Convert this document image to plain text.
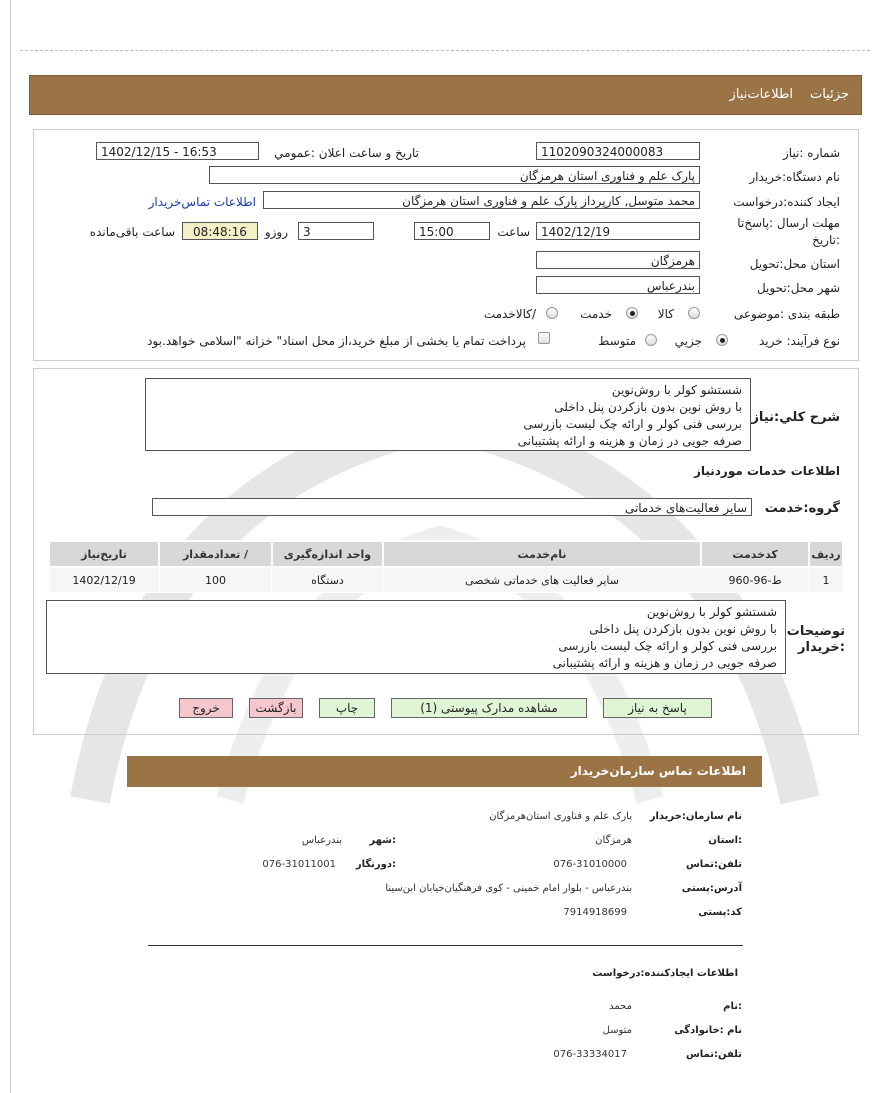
جزئیات
اطلاعات‌نیاز
شماره :نیاز
1102090324000083
تاریخ و ساعت اعلان :عمومي
1402/12/15 - 16:53
نام دستگاه:خريدار
پارک علم و فناوری استان هرمزگان
ایجاد کننده:درخواست
محمد متوسل, کارپرداز پارک علم و فناوری استان هرمزگان
اطلاعات تماس‌خريدار
مهلت ارسال :پاسخ‌تا
:تاريخ
1402/12/19
ساعت
15:00
3
روزو
08:48:16
ساعت باقی‌مانده
استان محل:تحویل
هرمزگان
شهر محل:تحویل
بندرعباس
طبقه بندی :موضوعی
کالا
خدمت
/کالاخدمت
نوع فرآیند: خرید
جزيي
متوسط
پرداخت تمام یا بخشی از مبلغ خرید،از محل اسناد" خزانه "اسلامی خواهد.بود
شرح کلي:نياز
شستشو کولر با روش‌نوین
با روش نوین بدون بازکردن پنل داخلی
بررسی فنی کولر و ارائه چک لیست بازرسی
صرفه جویی در زمان و هزینه و ارائه پشتیبانی
اطلاعات خدمات موردنیاز
گروه:خدمت
سایر فعالیت‌های خدماتی
ردیف	کدخدمت	نام‌خدمت	واحد اندازه‌گیری	/ تعدادمقدار	تاریخ‌نیاز
1	ط-96-960	سایر فعالیت های خدماتی شخصی	دستگاه	100	1402/12/19
توضیحات
:خریدار
شستشو کولر با روش‌نوین
با روش نوین بدون بازکردن پنل داخلی
بررسی فنی کولر و ارائه چک لیست بازرسی
صرفه جویی در زمان و هزینه و ارائه پشتیبانی
پاسخ به نیاز
مشاهده مدارک پیوستی (1)
چاپ
بازگشت
خروج
اطلاعات تماس سازمان‌خریدار
نام سازمان:خریدار
پارک علم و فناوری استان‌هرمزگان
:استان
هرمزگان
:شهر
بندرعباس
تلفن:تماس
076-31010000
:دورنگار
076-31011001
آدرس:پستی
بندرعباس - بلوار امام خمینی - کوی فرهنگیان‌خیابان ابن‌سینا
کد:پستی
7914918699
اطلاعات ایجادکننده:درخواست
:نام
محمد
نام :خانوادگی
متوسل
تلفن:تماس
076-33334017
